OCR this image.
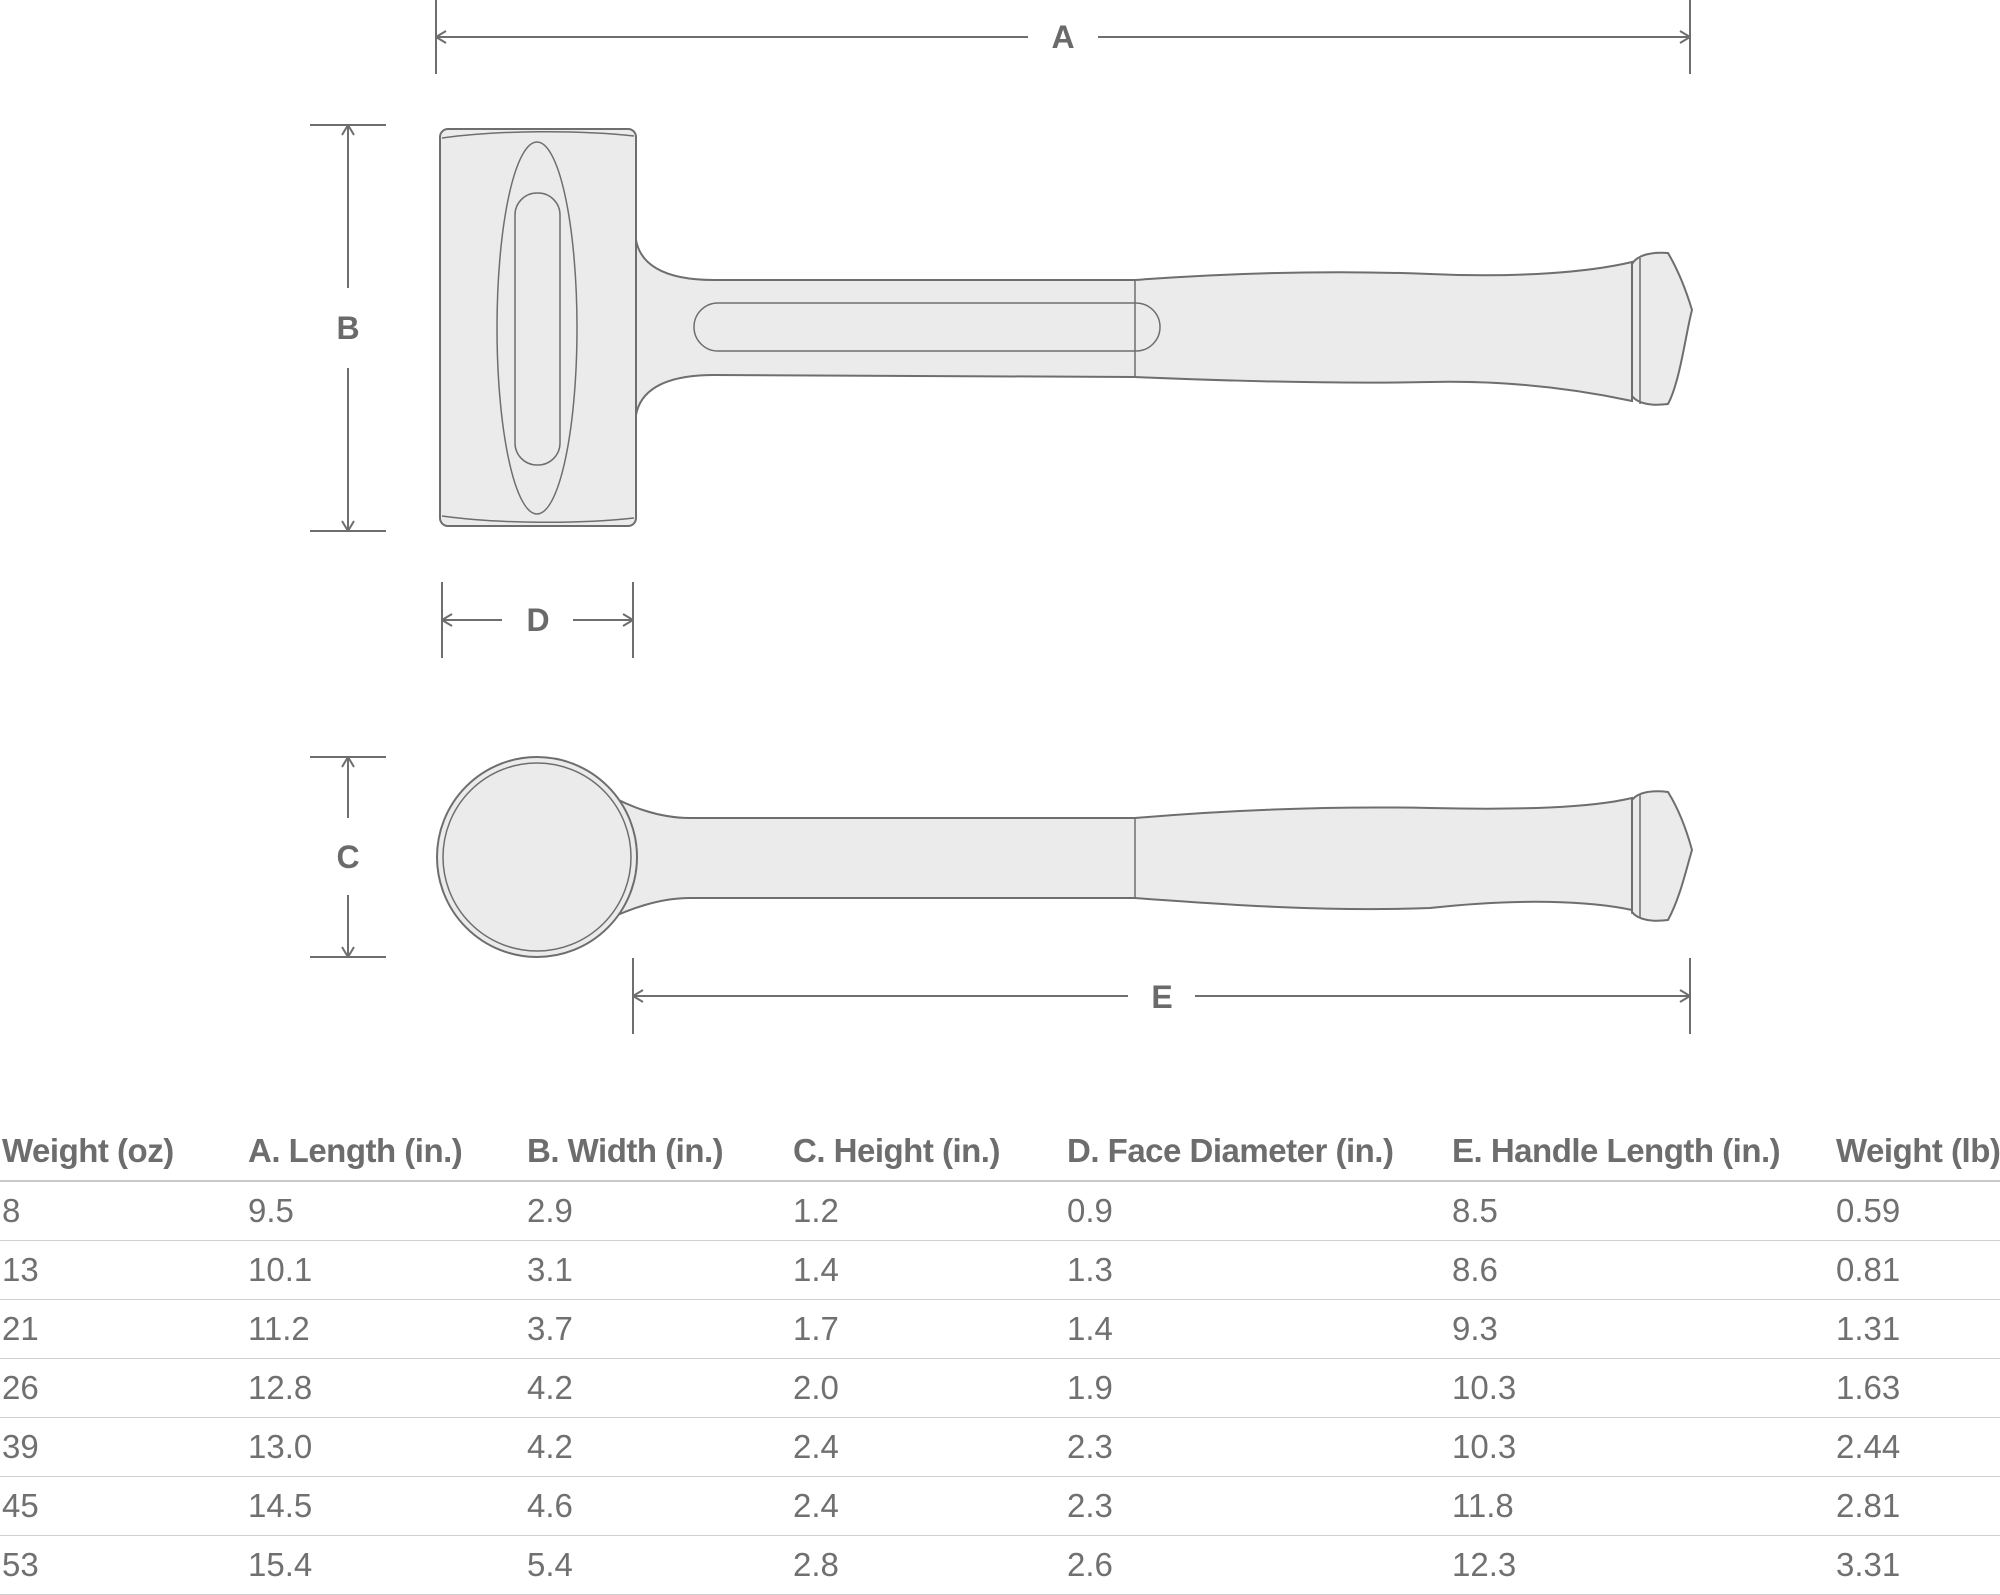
A
B
D
C
E
Weight (oz)	A. Length (in.)	B. Width (in.)	C. Height (in.)	D. Face Diameter (in.)	E. Handle Length (in.)	Weight (lb)
8	9.5	2.9	1.2	0.9	8.5	0.59
13	10.1	3.1	1.4	1.3	8.6	0.81
21	11.2	3.7	1.7	1.4	9.3	1.31
26	12.8	4.2	2.0	1.9	10.3	1.63
39	13.0	4.2	2.4	2.3	10.3	2.44
45	14.5	4.6	2.4	2.3	11.8	2.81
53	15.4	5.4	2.8	2.6	12.3	3.31
